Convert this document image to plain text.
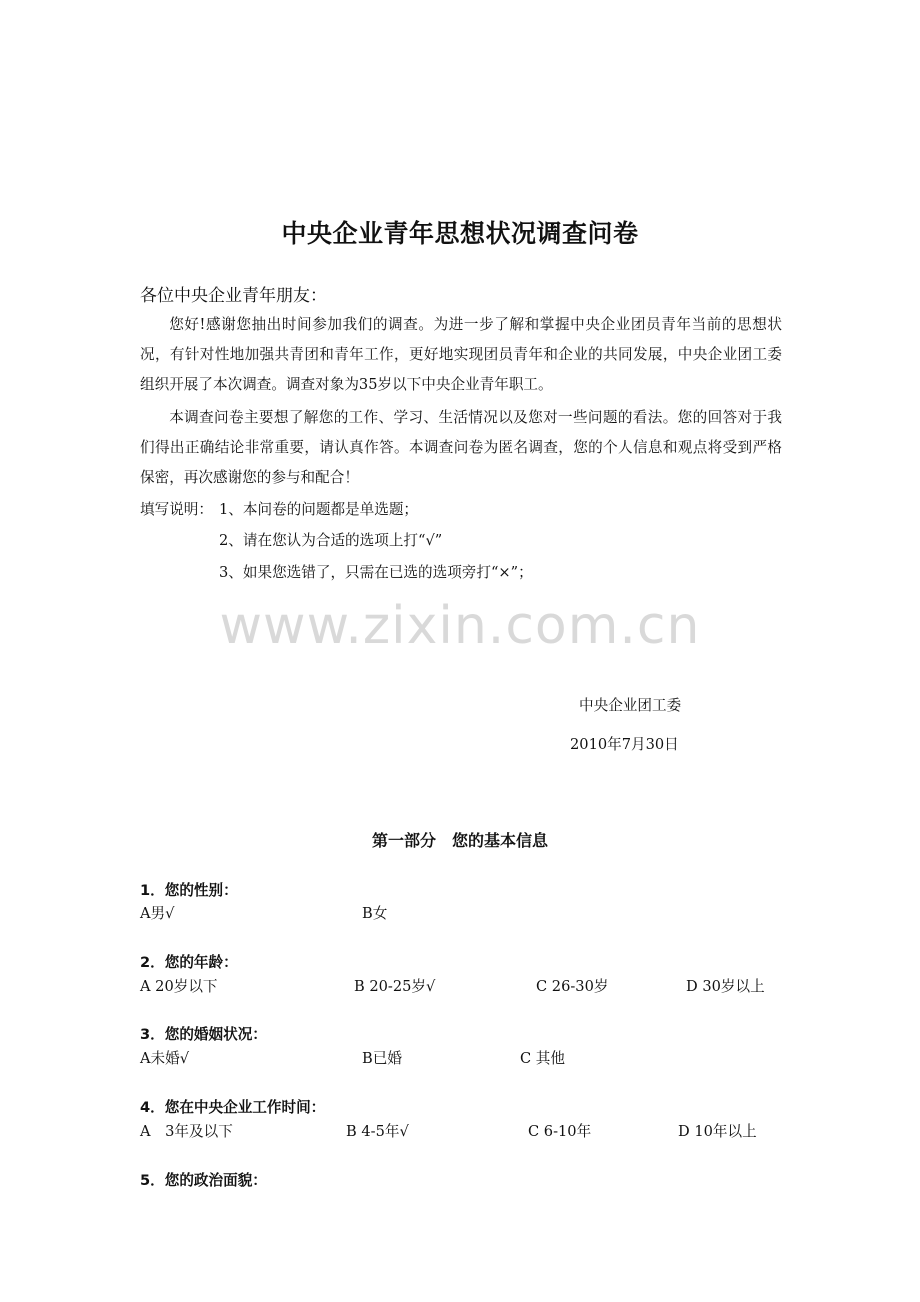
中央企业青年思想状况调查问卷
各位中央企业青年朋友：
您好!感谢您抽出时间参加我们的调查。为进一步了解和掌握中央企业团员青年当前的思想状况，有针对性地加强共青团和青年工作，更好地实现团员青年和企业的共同发展，中央企业团工委组织开展了本次调查。调查对象为35岁以下中央企业青年职工。
本调查问卷主要想了解您的工作、学习、生活情况以及您对一些问题的看法。您的回答对于我们得出正确结论非常重要，请认真作答。本调查问卷为匿名调查，您的个人信息和观点将受到严格保密，再次感谢您的参与和配合！
填写说明： 1、本问卷的问题都是单选题；
2、请在您认为合适的选项上打“√”
3、如果您选错了，只需在已选的选项旁打“×”；
www.zixin.com.cn
中央企业团工委
2010年7月30日
第一部分　您的基本信息
1．您的性别：
A男√	B女
2．您的年龄：
A 20岁以下	B 20-25岁√	C 26-30岁	D 30岁以上
3．您的婚姻状况：
A未婚√	B已婚	C 其他
4．您在中央企业工作时间：
A　3年及以下	B 4-5年√	C 6-10年	D 10年以上
5．您的政治面貌：
